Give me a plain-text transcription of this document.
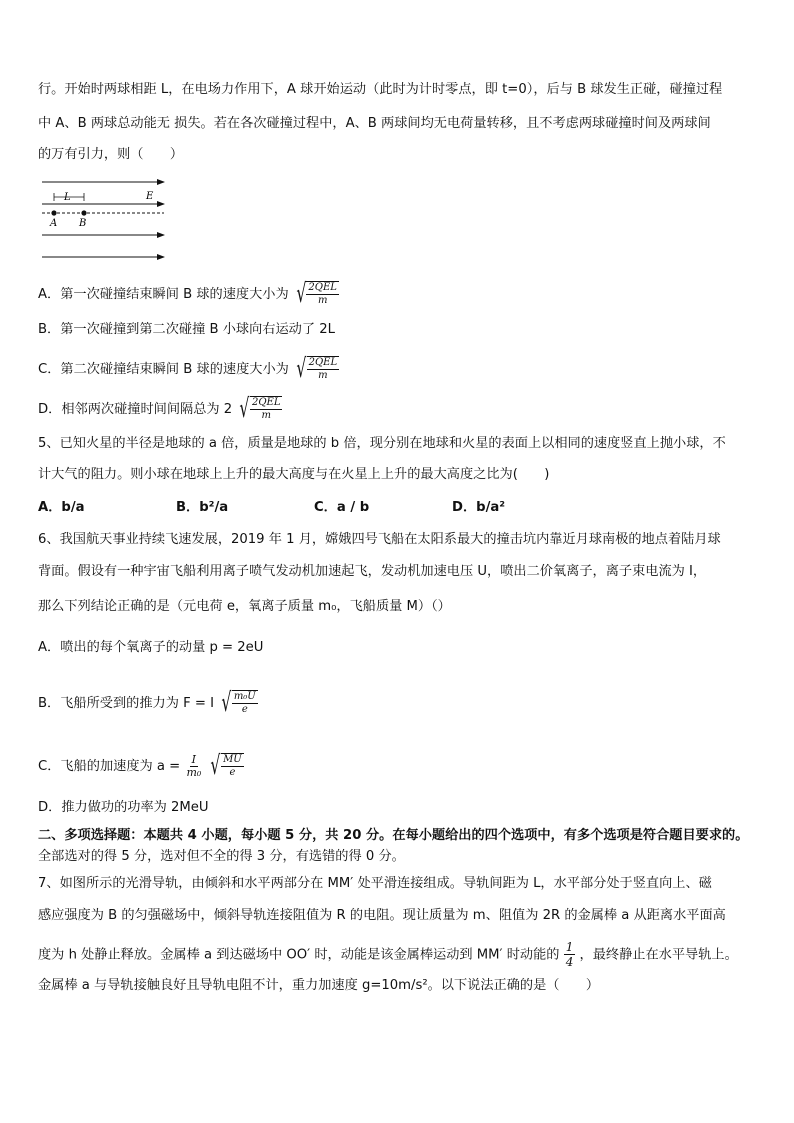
行。开始时两球相距 L，在电场力作用下，A 球开始运动（此时为计时零点，即 t=0），后与 B 球发生正碰，碰撞过程
中 A、B 两球总动能无 损失。若在各次碰撞过程中，A、B 两球间均无电荷量转移，且不考虑两球碰撞时间及两球间
的万有引力，则（　　）
L	E
A B
A．第一次碰撞结束瞬间 B 球的速度大小为 √ $\frac{\text{2QEL}}{m}$
B．第一次碰撞到第二次碰撞 B 小球向右运动了 2L
C．第二次碰撞结束瞬间 B 球的速度大小为 √ $\frac{\text{2QEL}}{m}$
D．相邻两次碰撞时间间隔总为 2 √ $\frac{\text{2QEL}}{m}$
5、已知火星的半径是地球的 a 倍，质量是地球的 b 倍，现分别在地球和火星的表面上以相同的速度竖直上抛小球，不
计大气的阻力。则小球在地球上上升的最大高度与在火星上上升的最大高度之比为(　　)
A．b/a	B．b²/a	C．a / b	D．b/a²
6、我国航天事业持续飞速发展，2019 年 1 月，嫦娥四号飞船在太阳系最大的撞击坑内靠近月球南极的地点着陆月球
背面。假设有一种宇宙飞船利用离子喷气发动机加速起飞，发动机加速电压 U，喷出二价氧离子，离子束电流为 I，
那么下列结论正确的是（元电荷 e，氧离子质量 m₀，飞船质量 M）（）
A．喷出的每个氧离子的动量 p = 2eU
B．飞船所受到的推力为 F = I √ $\frac{\text{m₀U}}{e}$
C．飞船的加速度为 $a = \frac{I}{\text{m₀}}$
√ $\frac{MU}{e}$
D．推力做功的功率为 2MeU
二、多项选择题：本题共 4 小题，每小题 5 分，共 20 分。在每小题给出的四个选项中，有多个选项是符合题目要求的。
全部选对的得 5 分，选对但不全的得 3 分，有选错的得 0 分。
7、如图所示的光滑导轨，由倾斜和水平两部分在 MM′ 处平滑连接组成。导轨间距为 L，水平部分处于竖直向上、磁
感应强度为 B 的匀强磁场中，倾斜导轨连接阻值为 R 的电阻。现让质量为 m、阻值为 2R 的金属棒 a 从距离水平面高
度为 h 处静止释放。金属棒 a 到达磁场中 OO′ 时，动能是该金属棒运动到 MM′ 时动能的 $\frac{1}{4}$ ，最终静止在水平导轨上。
金属棒 a 与导轨接触良好且导轨电阻不计，重力加速度 g=10m/s²。以下说法正确的是（　　）
